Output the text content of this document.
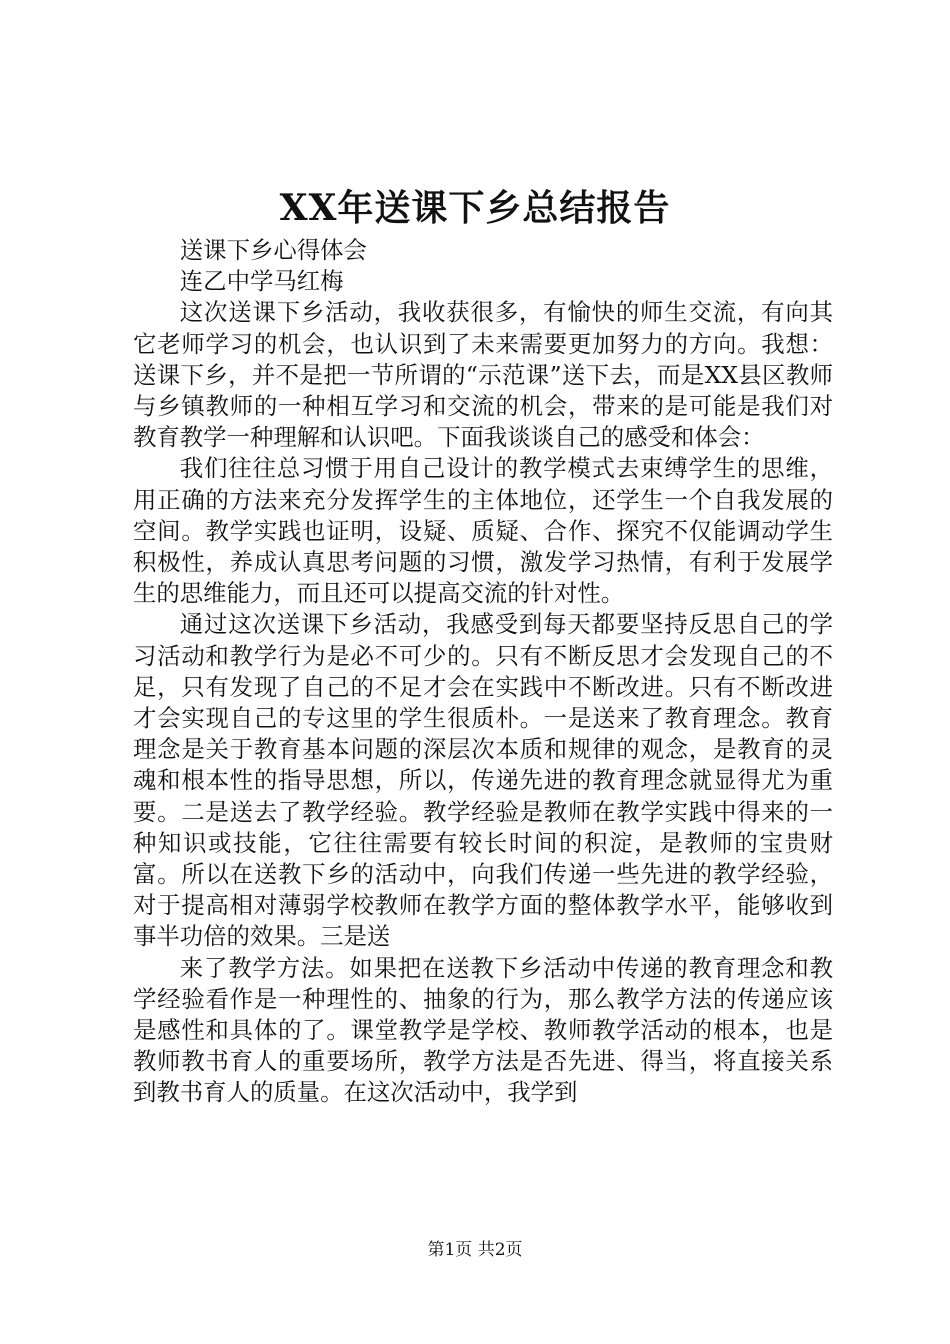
XX年送课下乡总结报告

送课下乡心得体会

连乙中学马红梅

这次送课下乡活动，我收获很多，有愉快的师生交流，有向其它老师学习的机会，也认识到了未来需要更加努力的方向。我想：送课下乡，并不是把一节所谓的“示范课”送下去，而是XX县区教师与乡镇教师的一种相互学习和交流的机会，带来的是可能是我们对教育教学一种理解和认识吧。下面我谈谈自己的感受和体会：

我们往往总习惯于用自己设计的教学模式去束缚学生的思维，用正确的方法来充分发挥学生的主体地位，还学生一个自我发展的空间。教学实践也证明，设疑、质疑、合作、探究不仅能调动学生积极性，养成认真思考问题的习惯，激发学习热情，有利于发展学生的思维能力，而且还可以提高交流的针对性。

通过这次送课下乡活动，我感受到每天都要坚持反思自己的学习活动和教学行为是必不可少的。只有不断反思才会发现自己的不足，只有发现了自己的不足才会在实践中不断改进。只有不断改进才会实现自己的专这里的学生很质朴。一是送来了教育理念。教育理念是关于教育基本问题的深层次本质和规律的观念，是教育的灵魂和根本性的指导思想，所以，传递先进的教育理念就显得尤为重要。二是送去了教学经验。教学经验是教师在教学实践中得来的一种知识或技能，它往往需要有较长时间的积淀，是教师的宝贵财富。所以在送教下乡的活动中，向我们传递一些先进的教学经验，对于提高相对薄弱学校教师在教学方面的整体教学水平，能够收到事半功倍的效果。三是送

来了教学方法。如果把在送教下乡活动中传递的教育理念和教学经验看作是一种理性的、抽象的行为，那么教学方法的传递应该是感性和具体的了。课堂教学是学校、教师教学活动的根本，也是教师教书育人的重要场所，教学方法是否先进、得当，将直接关系到教书育人的质量。在这次活动中，我学到

第1页 共2页
